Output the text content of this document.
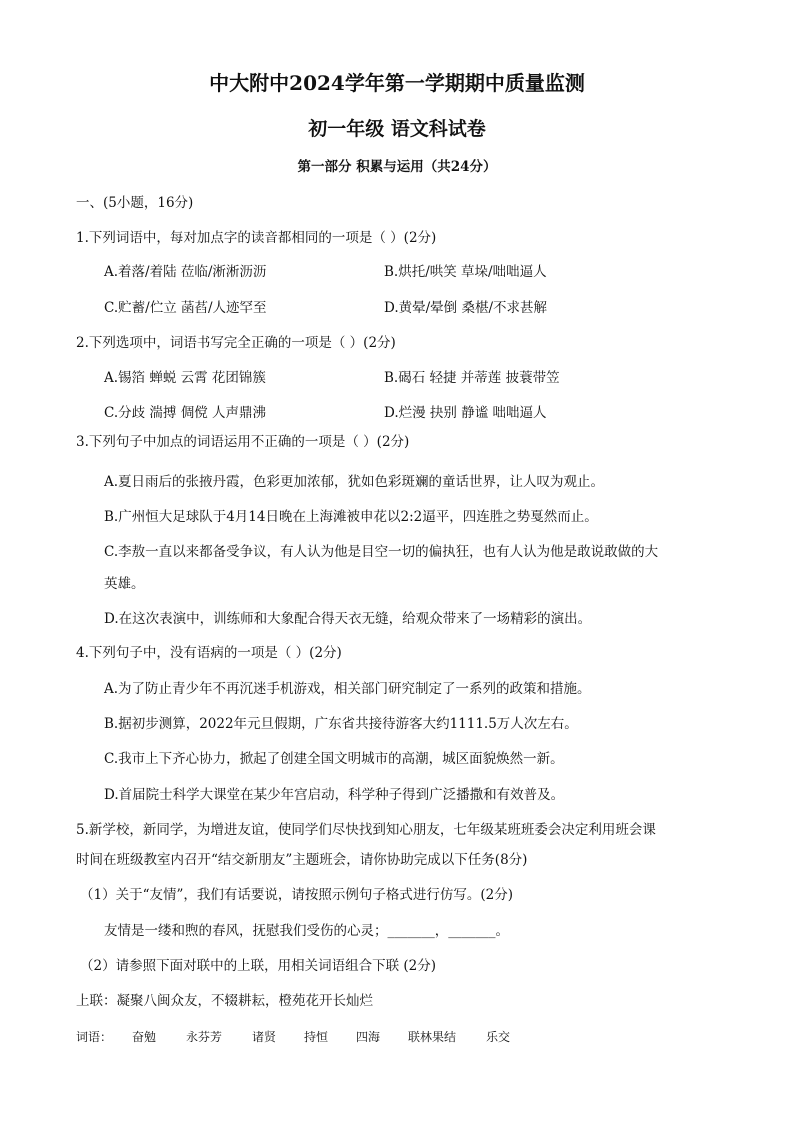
中大附中2024学年第一学期期中质量监测
初一年级 语文科试卷
第一部分 积累与运用（共24分）
一、(5小题，16分)
1.下列词语中，每对加点字的读音都相同的一项是（ ）(2分)
A.着落/着陆 莅临/淅淅沥沥	B.烘托/哄笑 草垛/咄咄逼人
C.贮蓄/伫立 菡萏/人迹罕至	D.黄晕/晕倒 桑椹/不求甚解
2.下列选项中，词语书写完全正确的一项是（ ）(2分)
A.锡箔 蝉蜕 云霄 花团锦簇	B.碣石 轻捷 并蒂莲 披蓑带笠
C.分歧 湍搏 倜傥 人声鼎沸	D.烂漫 抉别 静谧 咄咄逼人
3.下列句子中加点的词语运用不正确的一项是（ ）(2分)
A.夏日雨后的张掖丹霞，色彩更加浓郁，犹如色彩斑斓的童话世界，让人叹为观止。
B.广州恒大足球队于4月14日晚在上海滩被申花以2:2逼平，四连胜之势戛然而止。
C.李敖一直以来都备受争议，有人认为他是目空一切的偏执狂，也有人认为他是敢说敢做的大
英雄。
D.在这次表演中，训练师和大象配合得天衣无缝，给观众带来了一场精彩的演出。
4.下列句子中，没有语病的一项是（ ）(2分)
A.为了防止青少年不再沉迷手机游戏，相关部门研究制定了一系列的政策和措施。
B.据初步测算，2022年元旦假期，广东省共接待游客大约1111.5万人次左右。
C.我市上下齐心协力，掀起了创建全国文明城市的高潮，城区面貌焕然一新。
D.首届院士科学大课堂在某少年宫启动，科学种子得到广泛播撒和有效普及。
5.新学校，新同学，为增进友谊，使同学们尽快找到知心朋友，七年级某班班委会决定利用班会课
时间在班级教室内召开“结交新朋友”主题班会，请你协助完成以下任务(8分)
（1）关于“友情”，我们有话要说，请按照示例句子格式进行仿写。(2分)
友情是一缕和煦的春风，抚慰我们受伤的心灵；_______，_______。
（2）请参照下面对联中的上联，用相关词语组合下联 (2分)
上联：凝聚八闽众友，不辍耕耘，橙苑花开长灿烂
词语： 奋勉 永芬芳 诸贤 持恒 四海 联林果结 乐交
